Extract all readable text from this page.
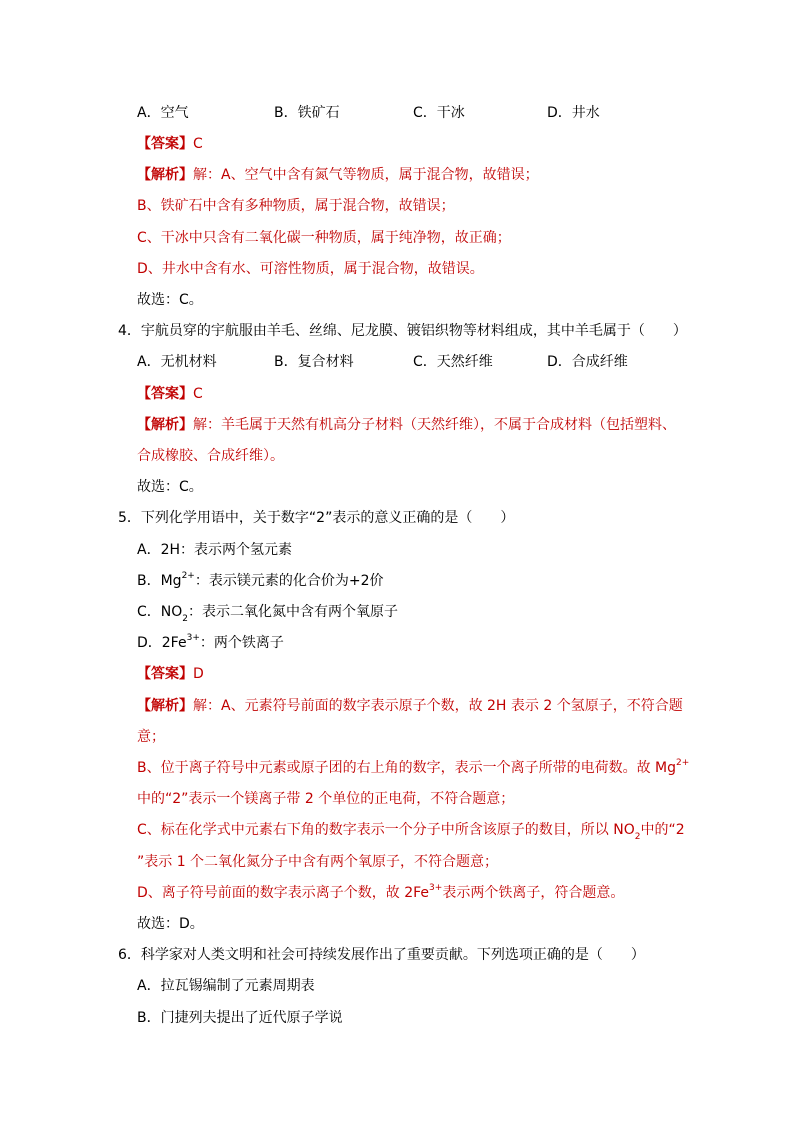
A．空气	B．铁矿石	C．干冰	D．井水
【答案】C
【解析】解：A、空气中含有氮气等物质，属于混合物，故错误；
B、铁矿石中含有多种物质，属于混合物，故错误；
C、干冰中只含有二氧化碳一种物质，属于纯净物，故正确；
D、井水中含有水、可溶性物质，属于混合物，故错误。
故选：C。
4．宇航员穿的宇航服由羊毛、丝绵、尼龙膜、镀铝织物等材料组成，其中羊毛属于（　　）
A．无机材料	B．复合材料	C．天然纤维	D．合成纤维
【答案】C
【解析】解：羊毛属于天然有机高分子材料（天然纤维），不属于合成材料（包括塑料、
合成橡胶、合成纤维）。
故选：C。
5．下列化学用语中，关于数字“2”表示的意义正确的是（　　）
A．2H：表示两个氢元素
B．$Mg^{2+}$：表示镁元素的化合价为+2价
C．$NO_2$：表示二氧化氮中含有两个氧原子
D．$2Fe^{3+}$：两个铁离子
【答案】D
【解析】解：A、元素符号前面的数字表示原子个数，故 2H 表示 2 个氢原子，不符合题
意；
B、位于离子符号中元素或原子团的右上角的数字，表示一个离子所带的电荷数。故 $Mg^{2+}$
中的“2”表示一个镁离子带 2 个单位的正电荷，不符合题意；
C、标在化学式中元素右下角的数字表示一个分子中所含该原子的数目，所以 $NO_2$中的“2
”表示 1 个二氧化氮分子中含有两个氧原子，不符合题意；
D、离子符号前面的数字表示离子个数，故 $2Fe^{3+}$表示两个铁离子，符合题意。
故选：D。
6．科学家对人类文明和社会可持续发展作出了重要贡献。下列选项正确的是（　　）
A．拉瓦锡编制了元素周期表
B．门捷列夫提出了近代原子学说
